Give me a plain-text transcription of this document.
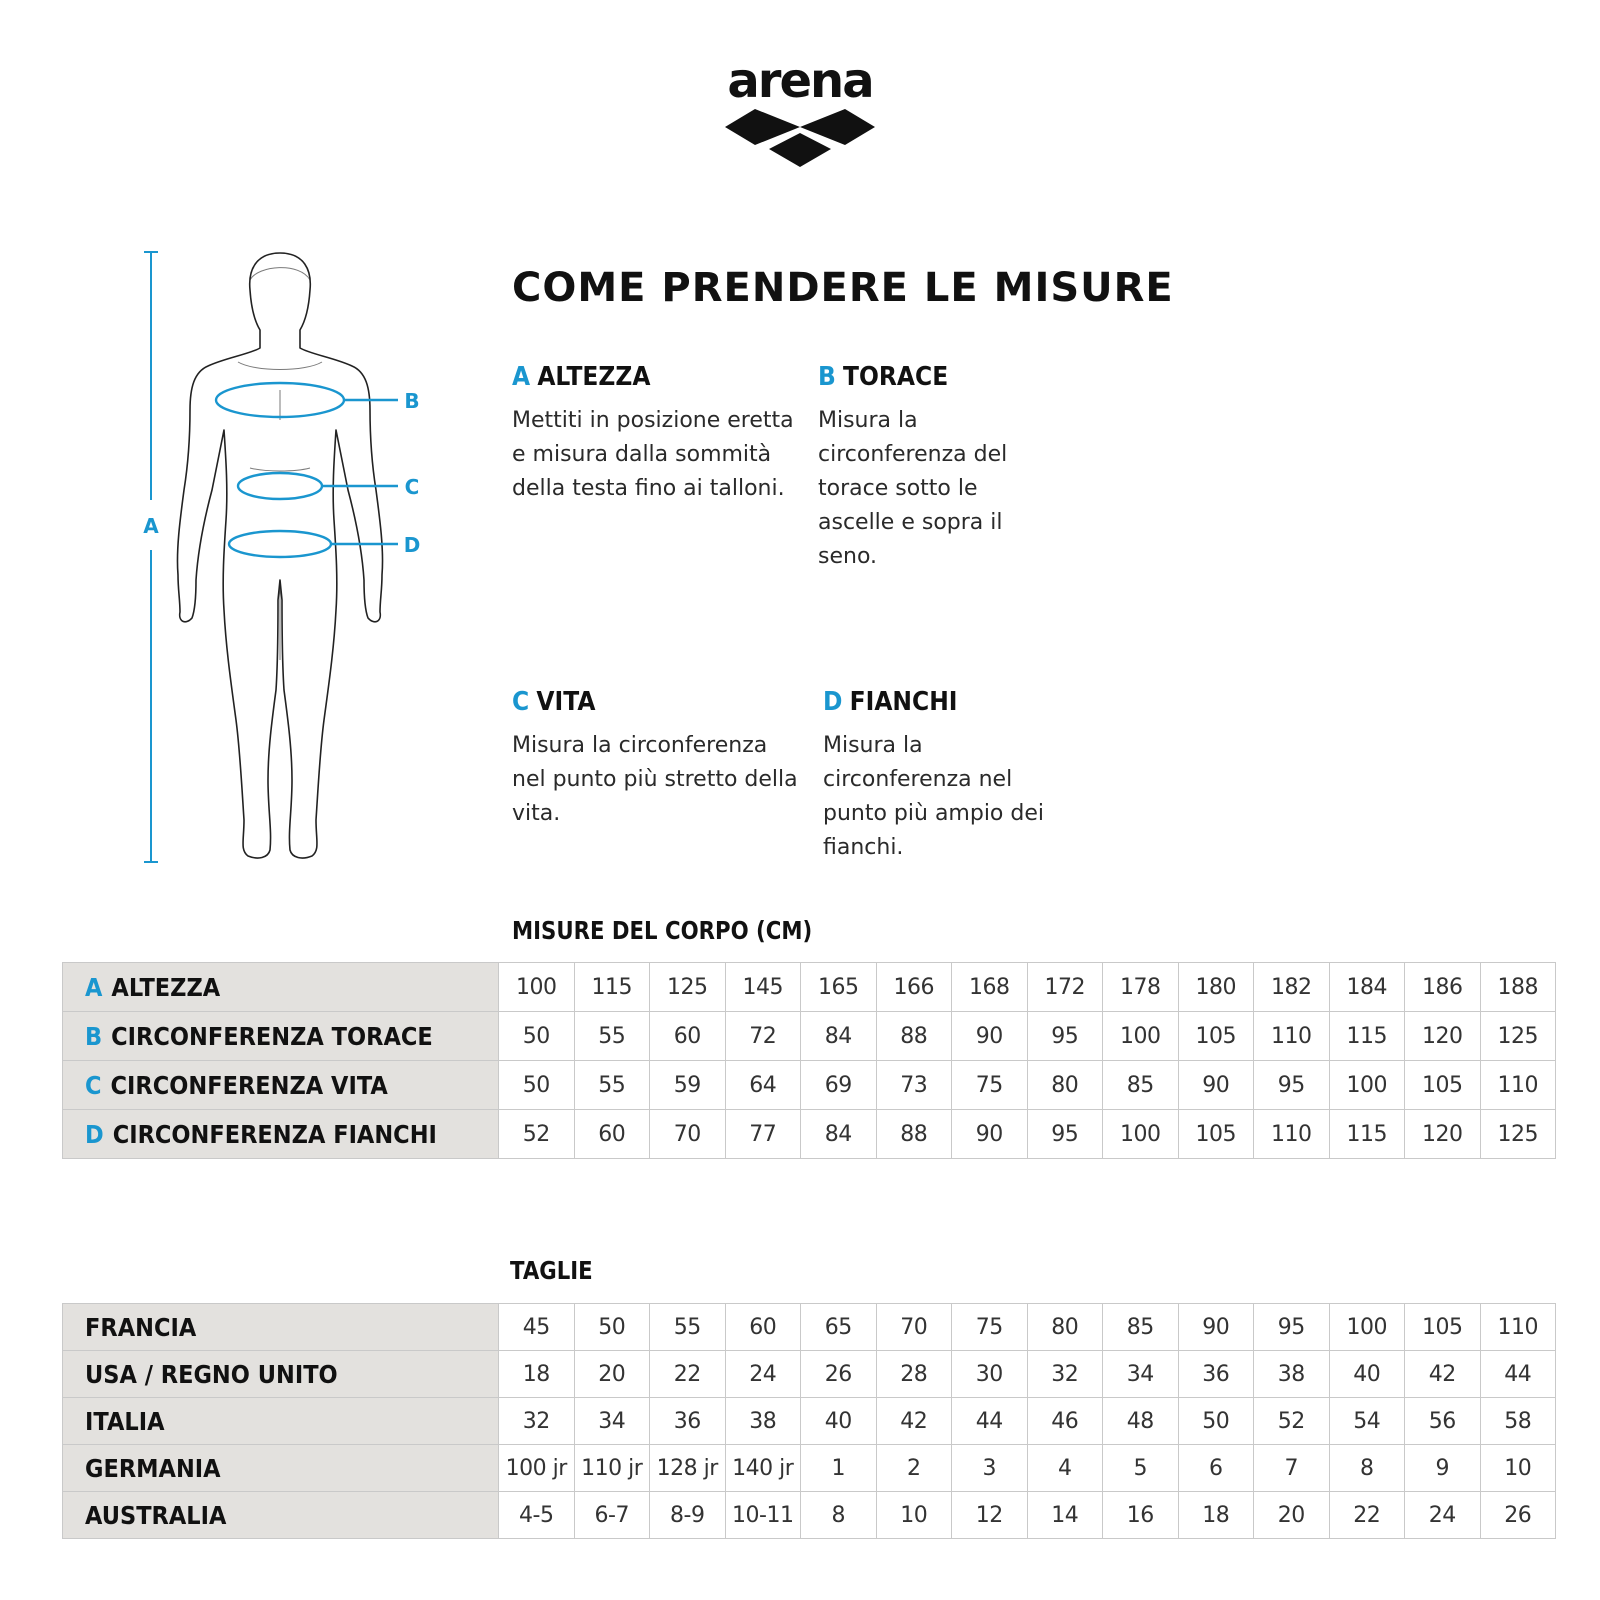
arena
A
B
C
D
COME PRENDERE LE MISURE
A ALTEZZA
Mettiti in posizione eretta e misura dalla sommità della testa fino ai talloni.
B TORACE
Misura la circonferenza del torace sotto le ascelle e sopra il seno.
C VITA
Misura la circonferenza nel punto più stretto della vita.
D FIANCHI
Misura la circonferenza nel punto più ampio dei fianchi.
MISURE DEL CORPO (CM)
A ALTEZZA	100	115	125	145	165	166	168	172	178	180	182	184	186	188
B CIRCONFERENZA TORACE	50	55	60	72	84	88	90	95	100	105	110	115	120	125
C CIRCONFERENZA VITA	50	55	59	64	69	73	75	80	85	90	95	100	105	110
D CIRCONFERENZA FIANCHI	52	60	70	77	84	88	90	95	100	105	110	115	120	125
TAGLIE
FRANCIA	45	50	55	60	65	70	75	80	85	90	95	100	105	110
USA / REGNO UNITO	18	20	22	24	26	28	30	32	34	36	38	40	42	44
ITALIA	32	34	36	38	40	42	44	46	48	50	52	54	56	58
GERMANIA	100 jr	110 jr	128 jr	140 jr	1	2	3	4	5	6	7	8	9	10
AUSTRALIA	4-5	6-7	8-9	10-11	8	10	12	14	16	18	20	22	24	26
